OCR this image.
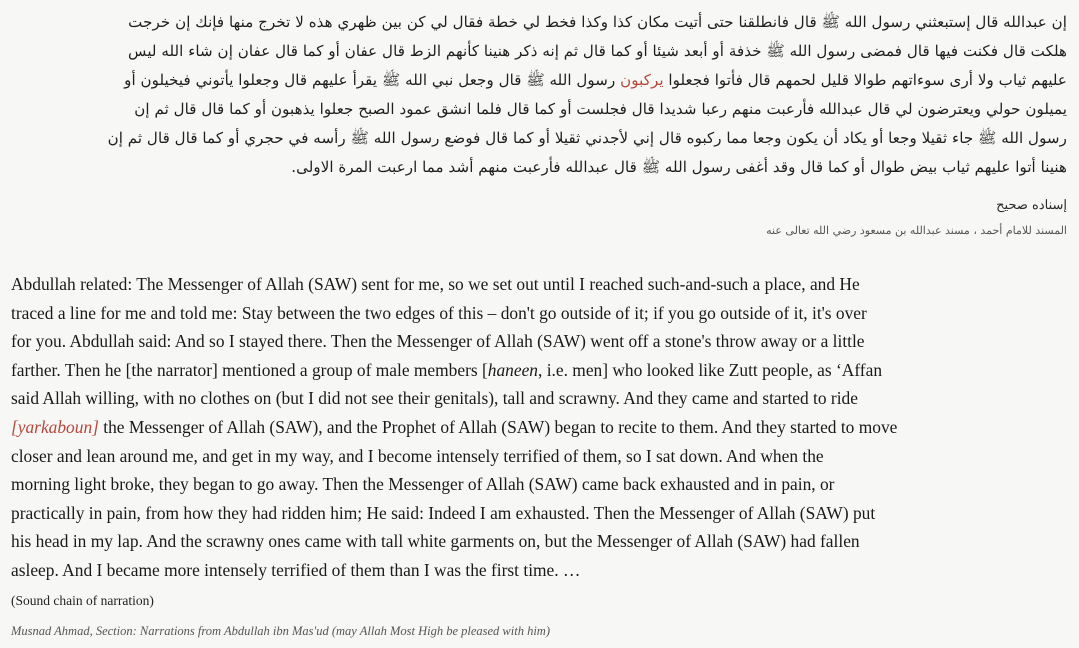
إن عبدالله قال إستبعثني رسول الله ﷺ قال فانطلقنا حتى أتيت مكان كذا وكذا فخط لي خطة فقال لي كن بين ظهري هذه لا تخرج منها فإنك إن خرجت
هلكت قال فكنت فيها قال فمضى رسول الله ﷺ خذفة أو أبعد شيئا أو كما قال ثم إنه ذكر هنينا كأنهم الزط قال عفان أو كما قال عفان إن شاء الله ليس
عليهم ثياب ولا أرى سوءاتهم طوالا قليل لحمهم قال فأتوا فجعلوا يركبون رسول الله ﷺ قال وجعل نبي الله ﷺ يقرأ عليهم قال وجعلوا يأتوني فيخيلون أو
يميلون حولي ويعترضون لي قال عبدالله فأرعبت منهم رعبا شديدا قال فجلست أو كما قال فلما انشق عمود الصبح جعلوا يذهبون أو كما قال قال ثم إن
رسول الله ﷺ جاء ثقيلا وجعا أو يكاد أن يكون وجعا مما ركبوه قال إني لأجدني ثقيلا أو كما قال فوضع رسول الله ﷺ رأسه في حجري أو كما قال قال ثم إن
هنينا أتوا عليهم ثياب بيض طوال أو كما قال وقد أغفى رسول الله ﷺ قال عبدالله فأرعبت منهم أشد مما ارعبت المرة الاولى.
إسناده صحيح
المسند للامام أحمد ، مسند عبدالله بن مسعود رضي الله تعالى عنه
Abdullah related: The Messenger of Allah (SAW) sent for me, so we set out until I reached such-and-such a place, and He
traced a line for me and told me: Stay between the two edges of this – don't go outside of it; if you go outside of it, it's over
for you. Abdullah said: And so I stayed there. Then the Messenger of Allah (SAW) went off a stone's throw away or a little
farther. Then he [the narrator] mentioned a group of male members [haneen, i.e. men] who looked like Zutt people, as ‘Affan
said Allah willing, with no clothes on (but I did not see their genitals), tall and scrawny. And they came and started to ride
[yarkaboun] the Messenger of Allah (SAW), and the Prophet of Allah (SAW) began to recite to them. And they started to move
closer and lean around me, and get in my way, and I become intensely terrified of them, so I sat down. And when the
morning light broke, they began to go away. Then the Messenger of Allah (SAW) came back exhausted and in pain, or
practically in pain, from how they had ridden him; He said: Indeed I am exhausted. Then the Messenger of Allah (SAW) put
his head in my lap. And the scrawny ones came with tall white garments on, but the Messenger of Allah (SAW) had fallen
asleep. And I became more intensely terrified of them than I was the first time. …
(Sound chain of narration)
Musnad Ahmad, Section: Narrations from Abdullah ibn Mas'ud (may Allah Most High be pleased with him)
